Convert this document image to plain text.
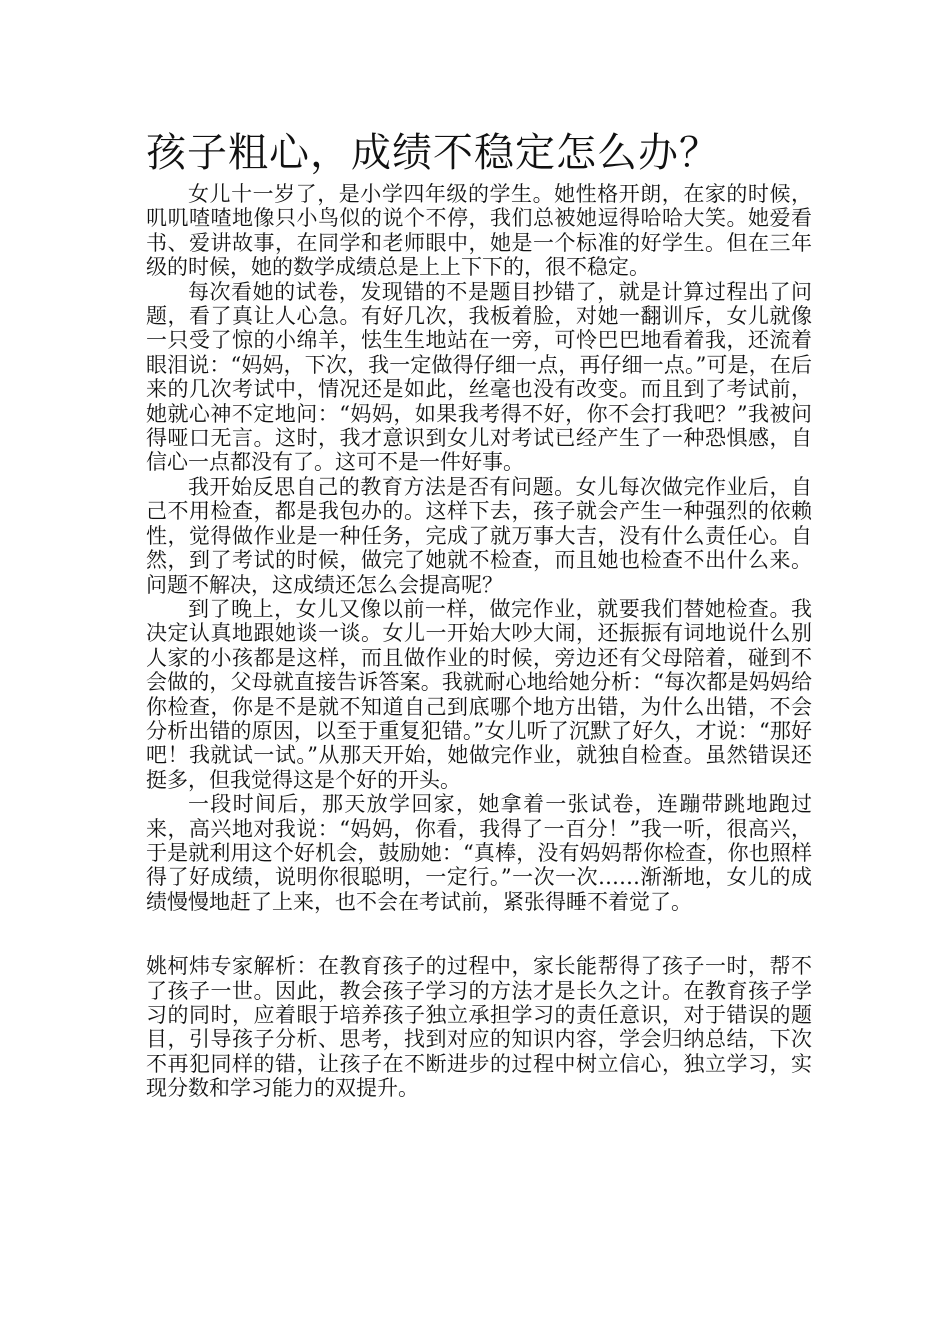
孩子粗心，成绩不稳定怎么办？

女儿十一岁了，是小学四年级的学生。她性格开朗，在家的时候，叽叽喳喳地像只小鸟似的说个不停，我们总被她逗得哈哈大笑。她爱看书、爱讲故事，在同学和老师眼中，她是一个标准的好学生。但在三年级的时候，她的数学成绩总是上上下下的，很不稳定。

每次看她的试卷，发现错的不是题目抄错了，就是计算过程出了问题，看了真让人心急。有好几次，我板着脸，对她一翻训斥，女儿就像一只受了惊的小绵羊，怯生生地站在一旁，可怜巴巴地看着我，还流着眼泪说：“妈妈，下次，我一定做得仔细一点，再仔细一点。”可是，在后来的几次考试中，情况还是如此，丝毫也没有改变。而且到了考试前，她就心神不定地问：“妈妈，如果我考得不好，你不会打我吧？”我被问得哑口无言。这时，我才意识到女儿对考试已经产生了一种恐惧感，自信心一点都没有了。这可不是一件好事。

我开始反思自己的教育方法是否有问题。女儿每次做完作业后，自己不用检查，都是我包办的。这样下去，孩子就会产生一种强烈的依赖性，觉得做作业是一种任务，完成了就万事大吉，没有什么责任心。自然，到了考试的时候，做完了她就不检查，而且她也检查不出什么来。问题不解决，这成绩还怎么会提高呢？

到了晚上，女儿又像以前一样，做完作业，就要我们替她检查。我决定认真地跟她谈一谈。女儿一开始大吵大闹，还振振有词地说什么别人家的小孩都是这样，而且做作业的时候，旁边还有父母陪着，碰到不会做的，父母就直接告诉答案。我就耐心地给她分析：“每次都是妈妈给你检查，你是不是就不知道自己到底哪个地方出错，为什么出错，不会分析出错的原因，以至于重复犯错。”女儿听了沉默了好久，才说：“那好吧！我就试一试。”从那天开始，她做完作业，就独自检查。虽然错误还挺多，但我觉得这是个好的开头。

一段时间后，那天放学回家，她拿着一张试卷，连蹦带跳地跑过来，高兴地对我说：“妈妈，你看，我得了一百分！”我一听，很高兴，于是就利用这个好机会，鼓励她：“真棒，没有妈妈帮你检查，你也照样得了好成绩，说明你很聪明，一定行。”一次一次……渐渐地，女儿的成绩慢慢地赶了上来，也不会在考试前，紧张得睡不着觉了。

姚柯炜专家解析：在教育孩子的过程中，家长能帮得了孩子一时，帮不了孩子一世。因此，教会孩子学习的方法才是长久之计。在教育孩子学习的同时，应着眼于培养孩子独立承担学习的责任意识，对于错误的题目，引导孩子分析、思考，找到对应的知识内容，学会归纳总结，下次不再犯同样的错，让孩子在不断进步的过程中树立信心，独立学习，实现分数和学习能力的双提升。
